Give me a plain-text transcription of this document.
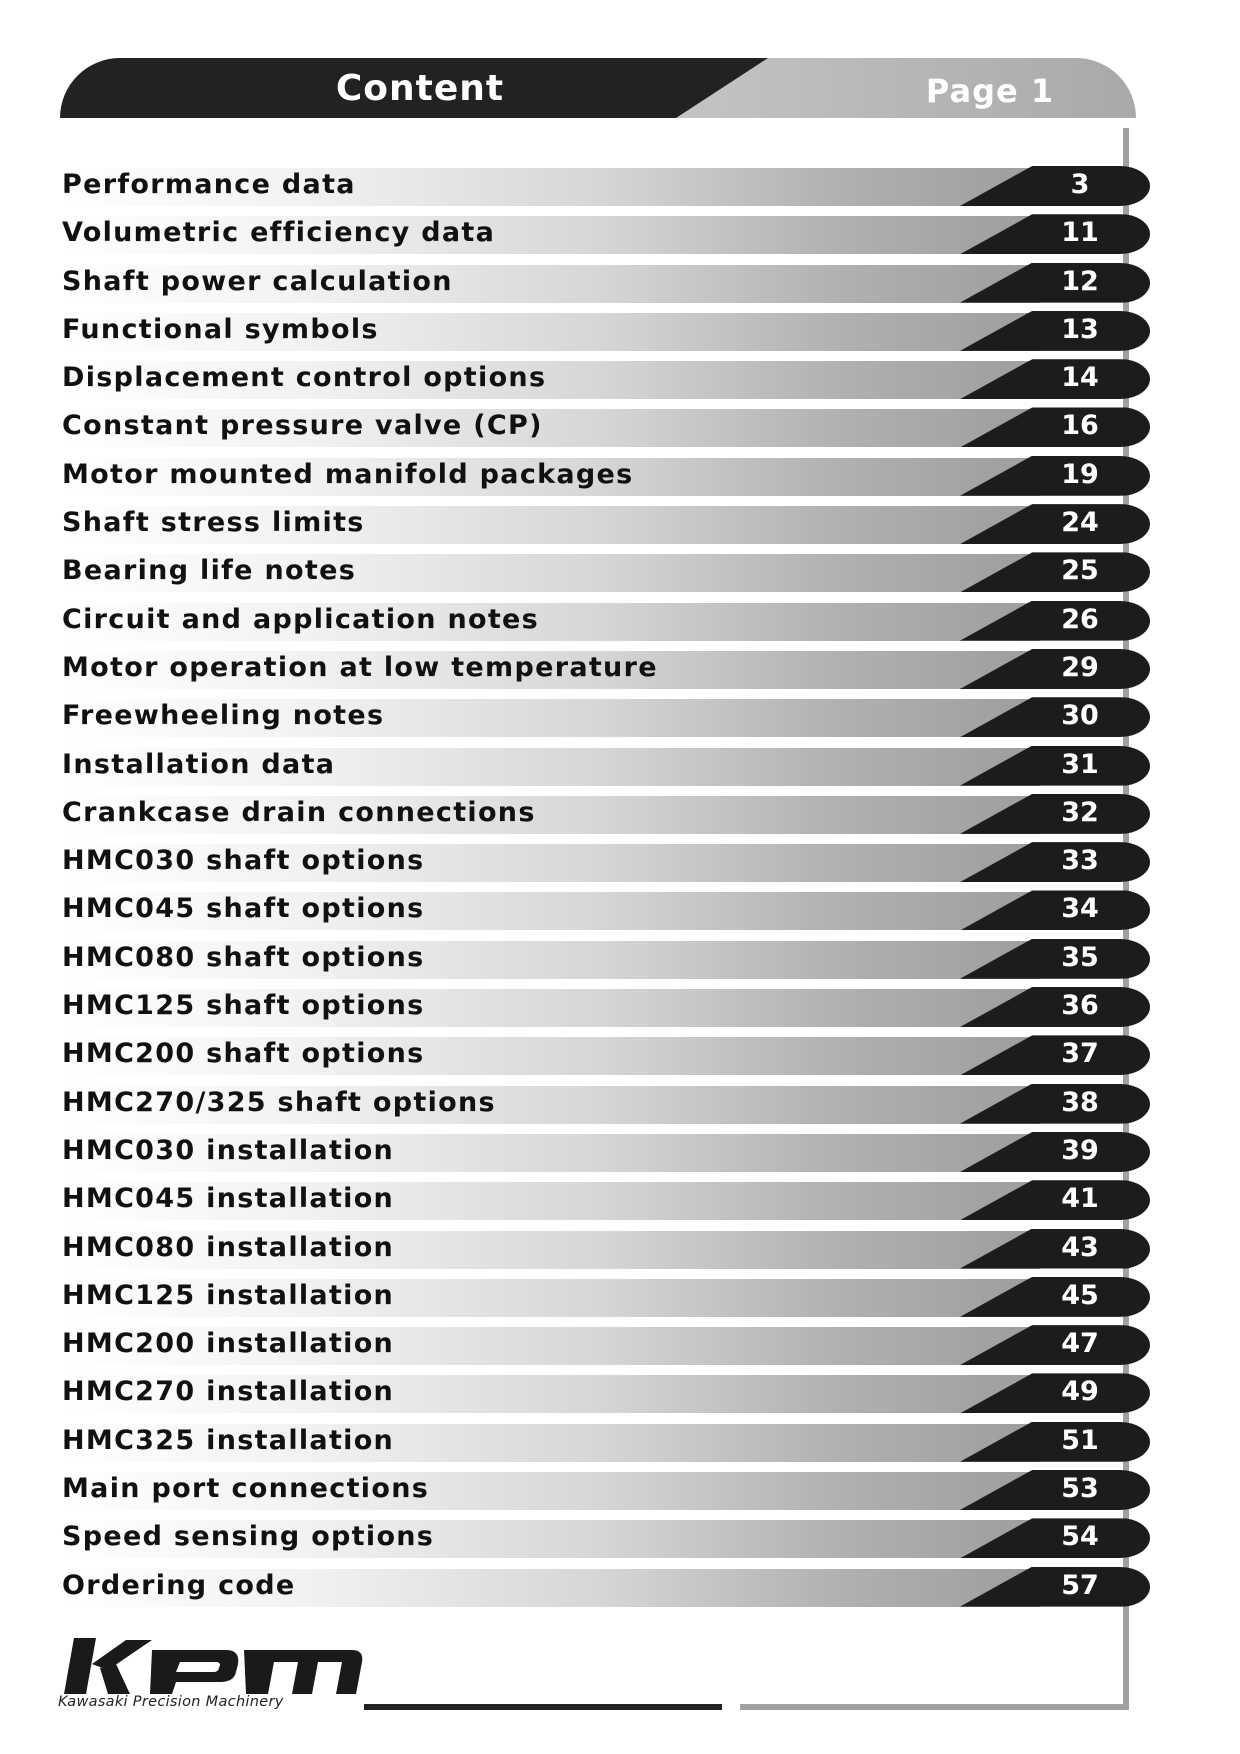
Content	Page 1
Performance data	3
Volumetric efficiency data	11
Shaft power calculation	12
Functional symbols	13
Displacement control options	14
Constant pressure valve (CP)	16
Motor mounted manifold packages	19
Shaft stress limits	24
Bearing life notes	25
Circuit and application notes	26
Motor operation at low temperature	29
Freewheeling notes	30
Installation data	31
Crankcase drain connections	32
HMC030 shaft options	33
HMC045 shaft options	34
HMC080 shaft options	35
HMC125 shaft options	36
HMC200 shaft options	37
HMC270/325 shaft options	38
HMC030 installation	39
HMC045 installation	41
HMC080 installation	43
HMC125 installation	45
HMC200 installation	47
HMC270 installation	49
HMC325 installation	51
Main port connections	53
Speed sensing options	54
Ordering code	57
Kawasaki Precision Machinery
